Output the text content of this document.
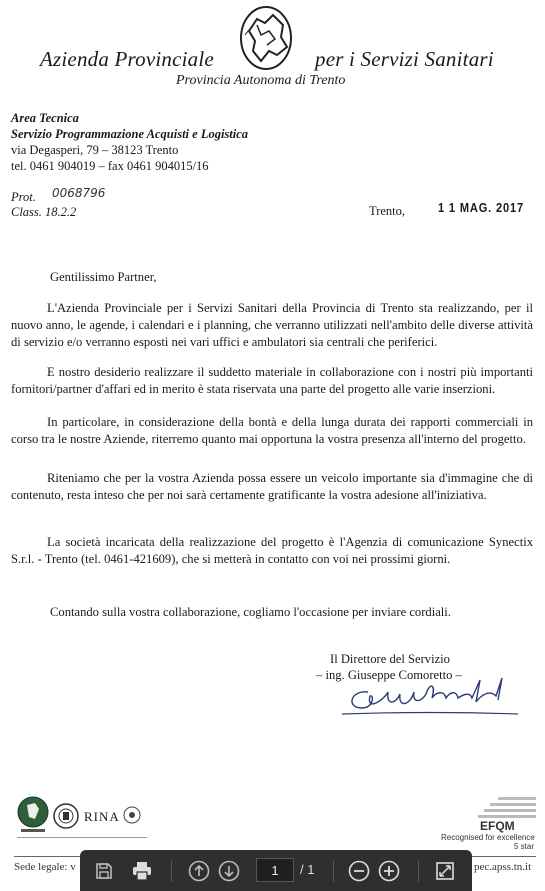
Azienda Provinciale	per i Servizi Sanitari
Provincia Autonoma di Trento
Area Tecnica
Servizio Programmazione Acquisti e Logistica
via Degasperi, 79 – 38123 Trento
tel. 0461 904019 – fax 0461 904015/16
Prot. 0068796
Class. 18.2.2	Trento,	1 1 MAG. 2017
Gentilissimo Partner,
L'Azienda Provinciale per i Servizi Sanitari della Provincia di Trento sta realizzando, per il nuovo anno, le agende, i calendari e i planning, che verranno utilizzati nell'ambito delle diverse attività di servizio e/o verranno esposti nei vari uffici e ambulatori sia centrali che periferici.
E nostro desiderio realizzare il suddetto materiale in collaborazione con i nostri più importanti fornitori/partner d'affari ed in merito è stata riservata una parte del progetto alle varie inserzioni.
In particolare, in considerazione della bontà e della lunga durata dei rapporti commerciali in corso tra le nostre Aziende, riterremo quanto mai opportuna la vostra presenza all'interno del progetto.
Riteniamo che per la vostra Azienda possa essere un veicolo importante sia d'immagine che di contenuto, resta inteso che per noi sarà certamente gratificante la vostra adesione all'iniziativa.
La società incaricata della realizzazione del progetto è l'Agenzia di comunicazione Synectix S.r.l. - Trento (tel. 0461-421609), che si metterà in contatto con voi nei prossimi giorni.
Contando sulla vostra collaborazione, cogliamo l'occasione per inviare cordiali.
Il Direttore del Servizio
– ing. Giuseppe Comoretto –
RINA
EFQM
Recognised for excellence
5 star
Sede legale: v	pec.apss.tn.it
1	/ 1
